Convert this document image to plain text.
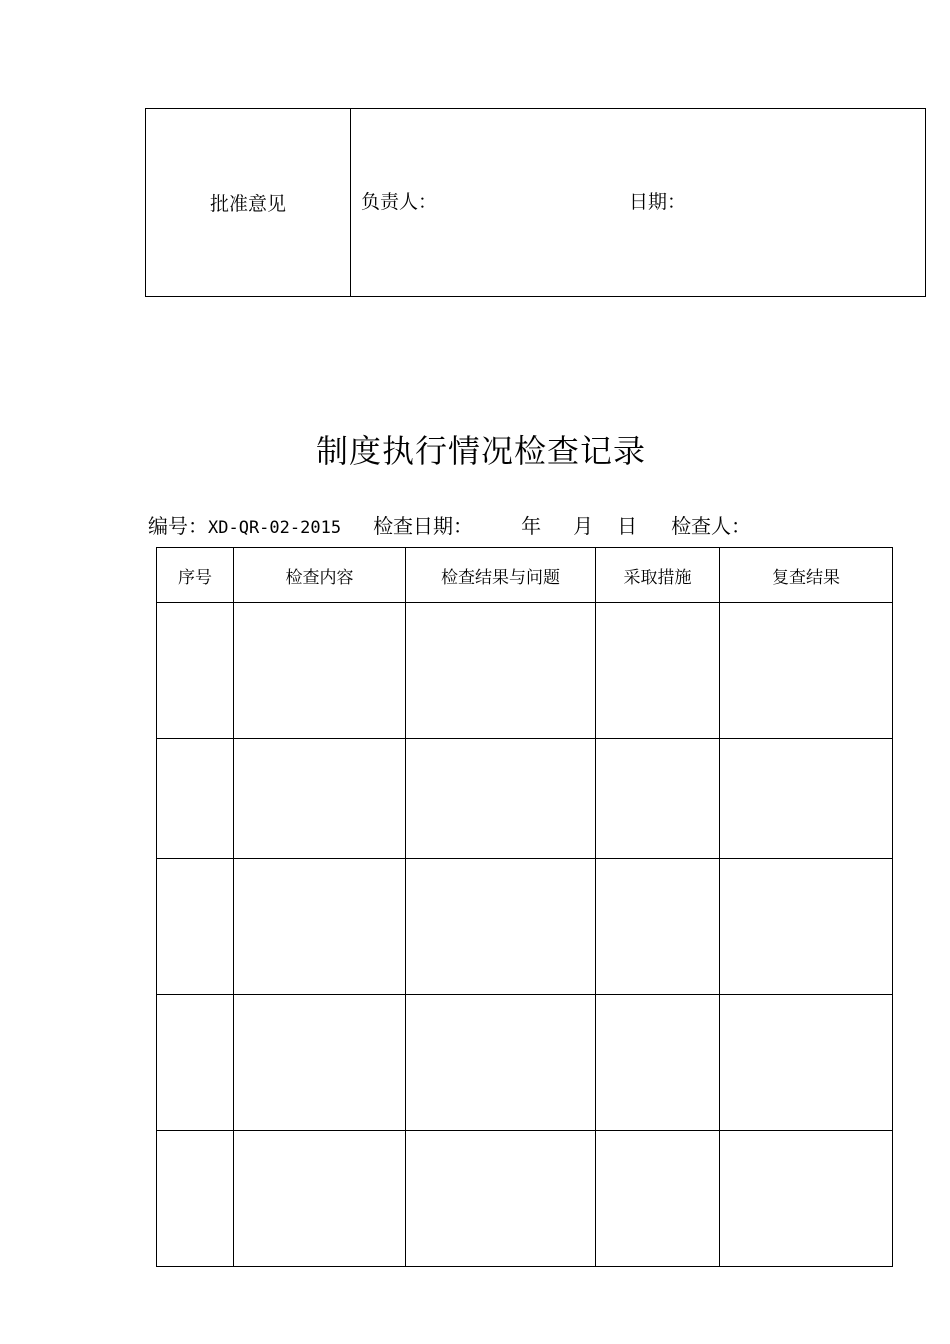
批准意见	负责人：	日期：
制度执行情况检查记录
编号：XD-QR-02-2015 检查日期： 年 月 日 检查人：
序号	检查内容	检查结果与问题	采取措施	复查结果
